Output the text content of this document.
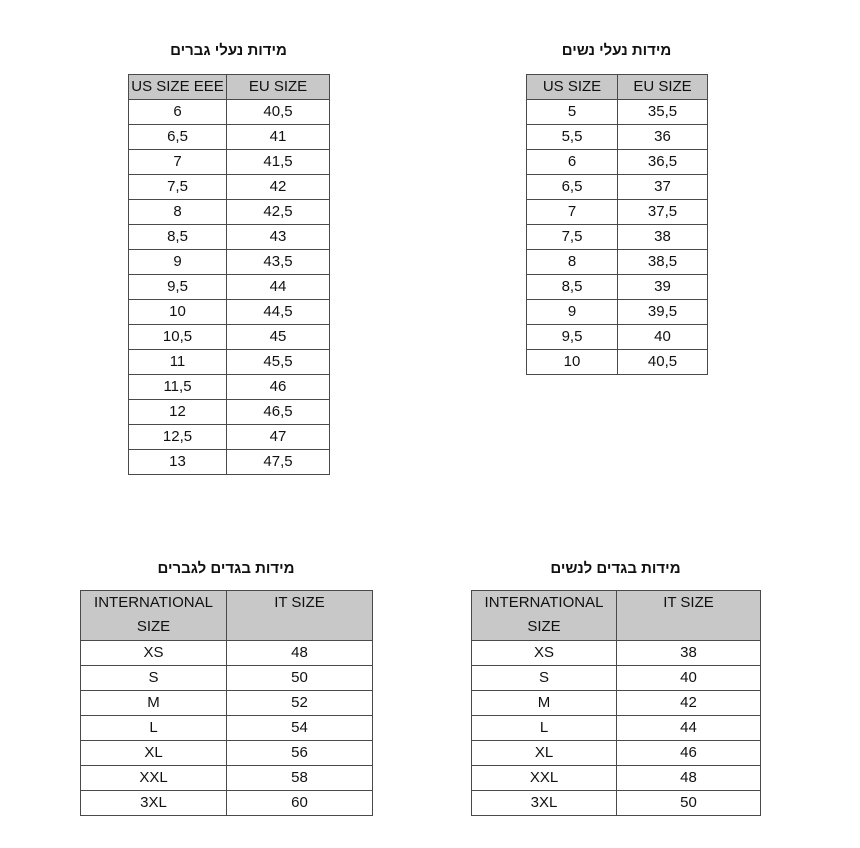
מידות נעלי גברים
US SIZE EEE	EU SIZE
6	40,5
6,5	41
7	41,5
7,5	42
8	42,5
8,5	43
9	43,5
9,5	44
10	44,5
10,5	45
11	45,5
11,5	46
12	46,5
12,5	47
13	47,5
מידות נעלי נשים
US SIZE	EU SIZE
5	35,5
5,5	36
6	36,5
6,5	37
7	37,5
7,5	38
8	38,5
8,5	39
9	39,5
9,5	40
10	40,5
מידות בגדים לגברים
INTERNATIONAL SIZE	IT SIZE
XS	48
S	50
M	52
L	54
XL	56
XXL	58
3XL	60
מידות בגדים לנשים
INTERNATIONAL SIZE	IT SIZE
XS	38
S	40
M	42
L	44
XL	46
XXL	48
3XL	50
